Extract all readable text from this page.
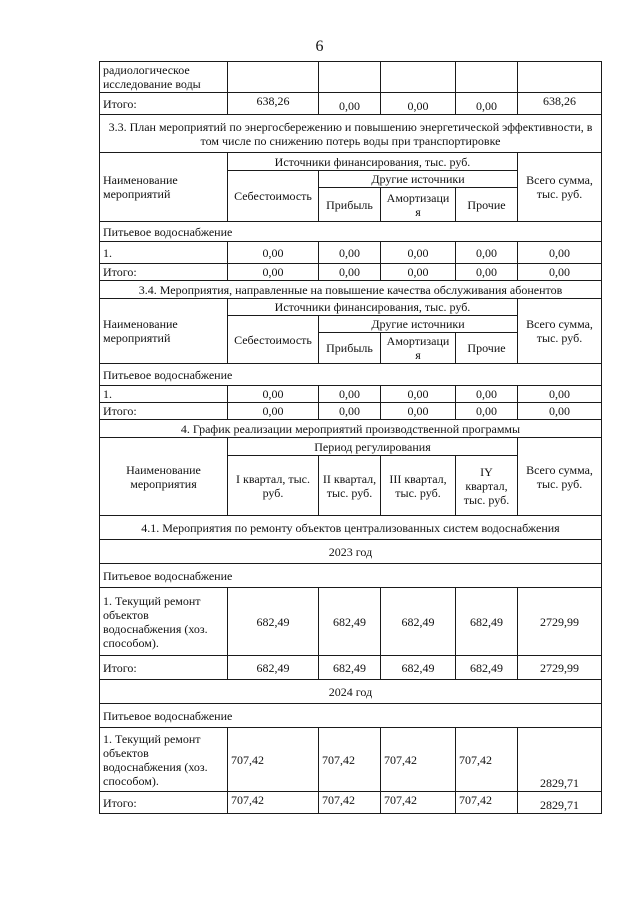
6
радиологическое исследование воды					
Итого:	638,26	0,00	0,00	0,00	638,26
3.3. План мероприятий по энергосбережению и повышению энергетической эффективности, в том числе по снижению потерь воды при транспортировке					
Наименование мероприятий	Источники финансирования, тыс. руб.				Всего сумма, тыс. руб.
	Себестоимость	Другие источники			
		Прибыль	Амортизация	Прочие	
Питьевое водоснабжение					
1.	0,00	0,00	0,00	0,00	0,00
Итого:	0,00	0,00	0,00	0,00	0,00
3.4. Мероприятия, направленные на повышение качества обслуживания абонентов					
Наименование мероприятий	Источники финансирования, тыс. руб.				Всего сумма, тыс. руб.
	Себестоимость	Другие источники			
		Прибыль	Амортизация	Прочие	
Питьевое водоснабжение					
1.	0,00	0,00	0,00	0,00	0,00
Итого:	0,00	0,00	0,00	0,00	0,00
4. График реализации мероприятий производственной программы					
Наименование мероприятия	Период регулирования				Всего сумма, тыс. руб.
	I квартал, тыс. руб.	II квартал, тыс. руб.	III квартал, тыс. руб.	IY квартал, тыс. руб.	
4.1. Мероприятия по ремонту объектов централизованных систем водоснабжения					
2023 год					
Питьевое водоснабжение					
1. Текущий ремонт объектов водоснабжения (хоз. способом).	682,49	682,49	682,49	682,49	2729,99
Итого:	682,49	682,49	682,49	682,49	2729,99
2024 год					
Питьевое водоснабжение					
1. Текущий ремонт объектов водоснабжения (хоз. способом).	707,42	707,42	707,42	707,42	2829,71
Итого:	707,42	707,42	707,42	707,42	2829,71
